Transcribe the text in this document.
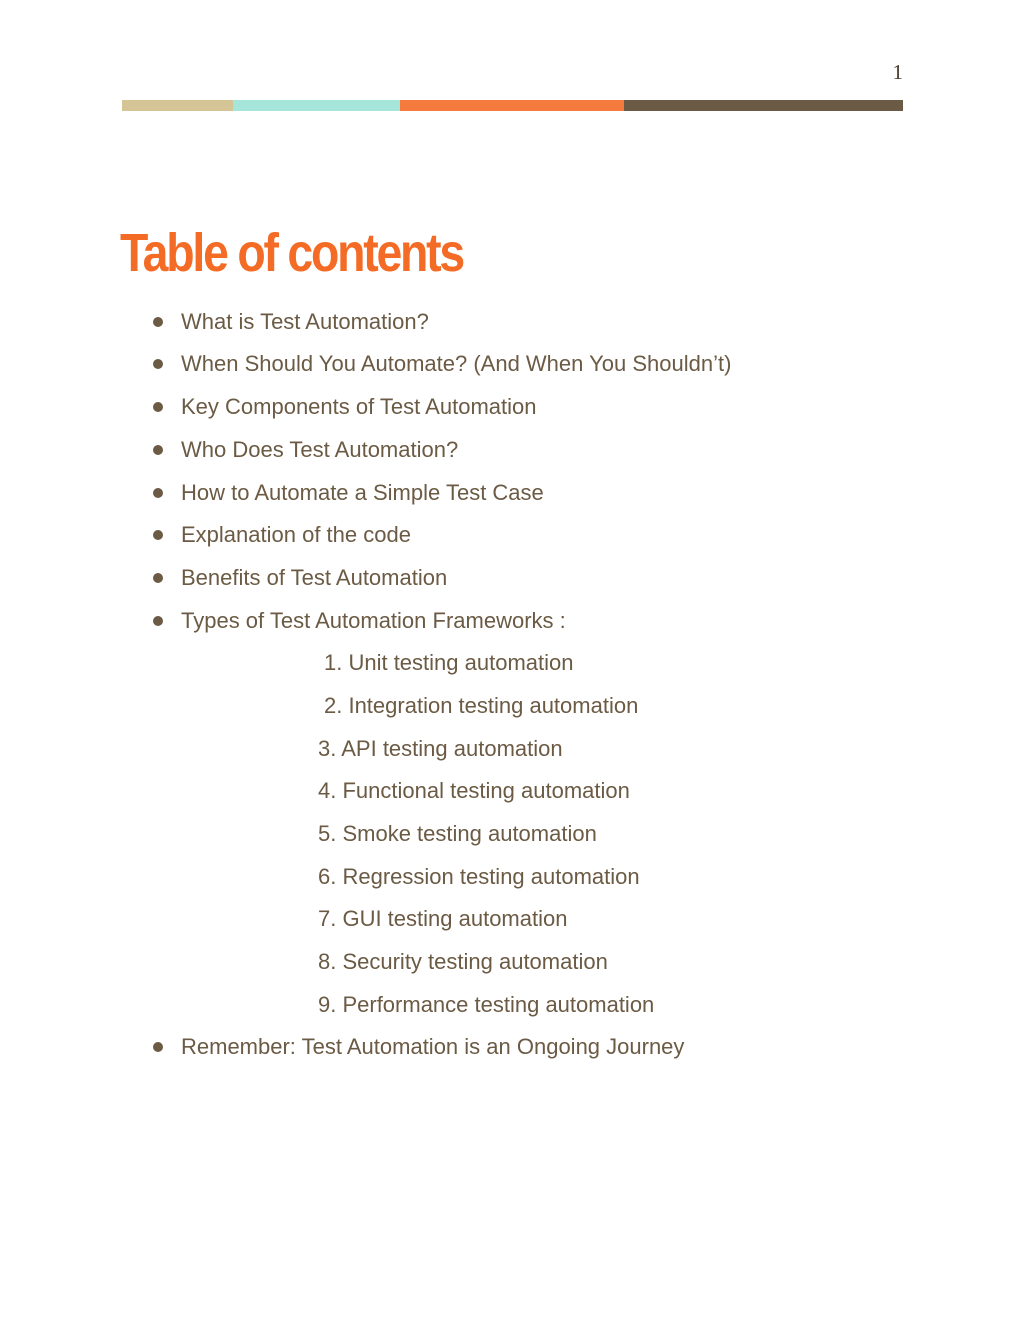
1
Table of contents
What is Test Automation?
When Should You Automate? (And When You Shouldn’t)
Key Components of Test Automation
Who Does Test Automation?
How to Automate a Simple Test Case
Explanation of the code
Benefits of Test Automation
Types of Test Automation Frameworks :
1. Unit testing automation
2. Integration testing automation
3. API testing automation
4. Functional testing automation
5. Smoke testing automation
6. Regression testing automation
7. GUI testing automation
8. Security testing automation
9. Performance testing automation
Remember: Test Automation is an Ongoing Journey
